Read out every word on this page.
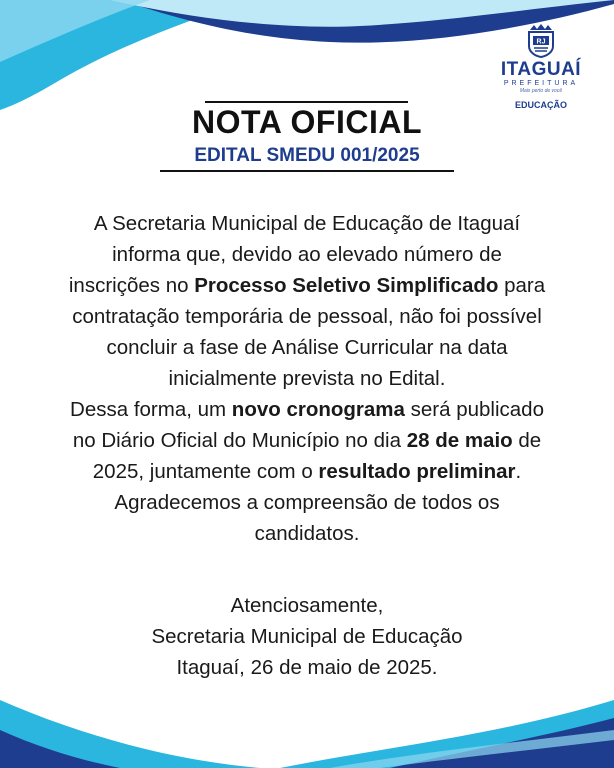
RJ
ITAGUAÍ
PREFEITURA
Mais perto de você
EDUCAÇÃO
NOTA OFICIAL
EDITAL SMEDU 001/2025
A Secretaria Municipal de Educação de Itaguaí
informa que, devido ao elevado número de
inscrições no Processo Seletivo Simplificado para
contratação temporária de pessoal, não foi possível
concluir a fase de Análise Curricular na data
inicialmente prevista no Edital.
Dessa forma, um novo cronograma será publicado
no Diário Oficial do Município no dia 28 de maio de
2025, juntamente com o resultado preliminar.
Agradecemos a compreensão de todos os
candidatos.
Atenciosamente,
Secretaria Municipal de Educação
Itaguaí, 26 de maio de 2025.
